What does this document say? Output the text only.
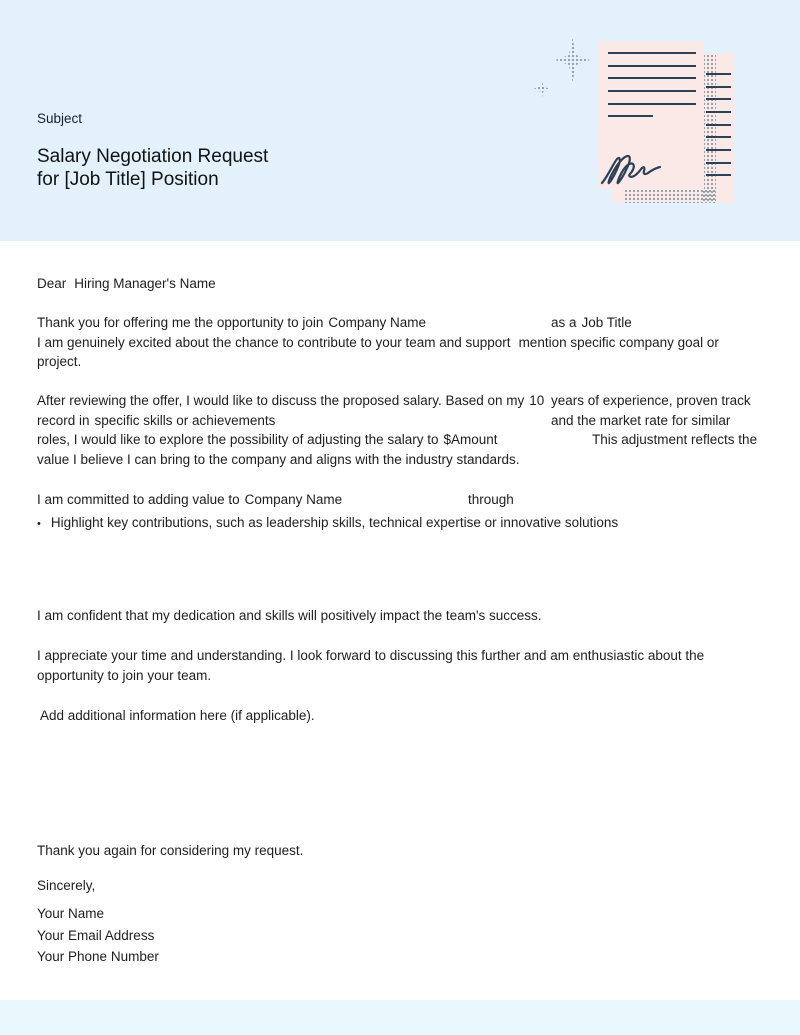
Subject
Salary Negotiation Request
for [Job Title] Position
Dear Hiring Manager's Name
Thank you for offering me the opportunity to join Company Name	as a Job Title
I am genuinely excited about the chance to contribute to your team and support mention specific company goal or
project.
After reviewing the offer, I would like to discuss the proposed salary. Based on my 10 years of experience, proven track
record in specific skills or achievements	and the market rate for similar
roles, I would like to explore the possibility of adjusting the salary to $Amount	This adjustment reflects the
value I believe I can bring to the company and aligns with the industry standards.
I am committed to adding value to Company Name	through
• Highlight key contributions, such as leadership skills, technical expertise or innovative solutions
I am confident that my dedication and skills will positively impact the team's success.
I appreciate your time and understanding. I look forward to discussing this further and am enthusiastic about the opportunity to join your team.
Add additional information here (if applicable).
Thank you again for considering my request.
Sincerely,
Your Name
Your Email Address
Your Phone Number
